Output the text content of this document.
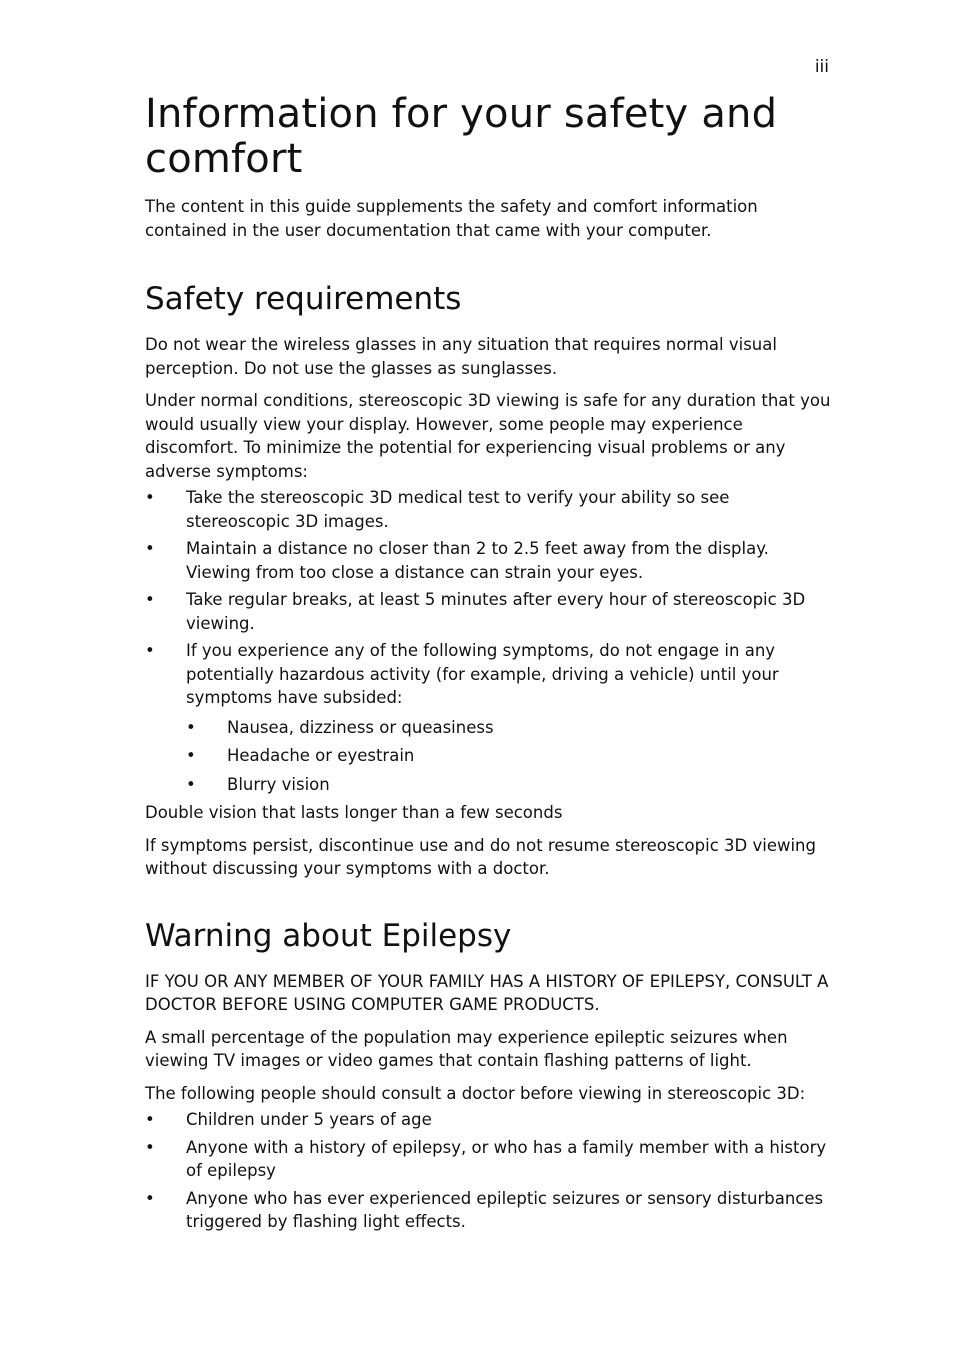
iii
Information for your safety and comfort

The content in this guide supplements the safety and comfort information contained in the user documentation that came with your computer.

Safety requirements

Do not wear the wireless glasses in any situation that requires normal visual perception. Do not use the glasses as sunglasses.

Under normal conditions, stereoscopic 3D viewing is safe for any duration that you would usually view your display. However, some people may experience discomfort. To minimize the potential for experiencing visual problems or any adverse symptoms:

• Take the stereoscopic 3D medical test to verify your ability so see stereoscopic 3D images.
• Maintain a distance no closer than 2 to 2.5 feet away from the display. Viewing from too close a distance can strain your eyes.
• Take regular breaks, at least 5 minutes after every hour of stereoscopic 3D viewing.
• If you experience any of the following symptoms, do not engage in any potentially hazardous activity (for example, driving a vehicle) until your symptoms have subsided:
• Nausea, dizziness or queasiness
• Headache or eyestrain
• Blurry vision

Double vision that lasts longer than a few seconds

If symptoms persist, discontinue use and do not resume stereoscopic 3D viewing without discussing your symptoms with a doctor.

Warning about Epilepsy

IF YOU OR ANY MEMBER OF YOUR FAMILY HAS A HISTORY OF EPILEPSY, CONSULT A DOCTOR BEFORE USING COMPUTER GAME PRODUCTS.

A small percentage of the population may experience epileptic seizures when viewing TV images or video games that contain flashing patterns of light.

The following people should consult a doctor before viewing in stereoscopic 3D:

• Children under 5 years of age
• Anyone with a history of epilepsy, or who has a family member with a history of epilepsy
• Anyone who has ever experienced epileptic seizures or sensory disturbances triggered by flashing light effects.
